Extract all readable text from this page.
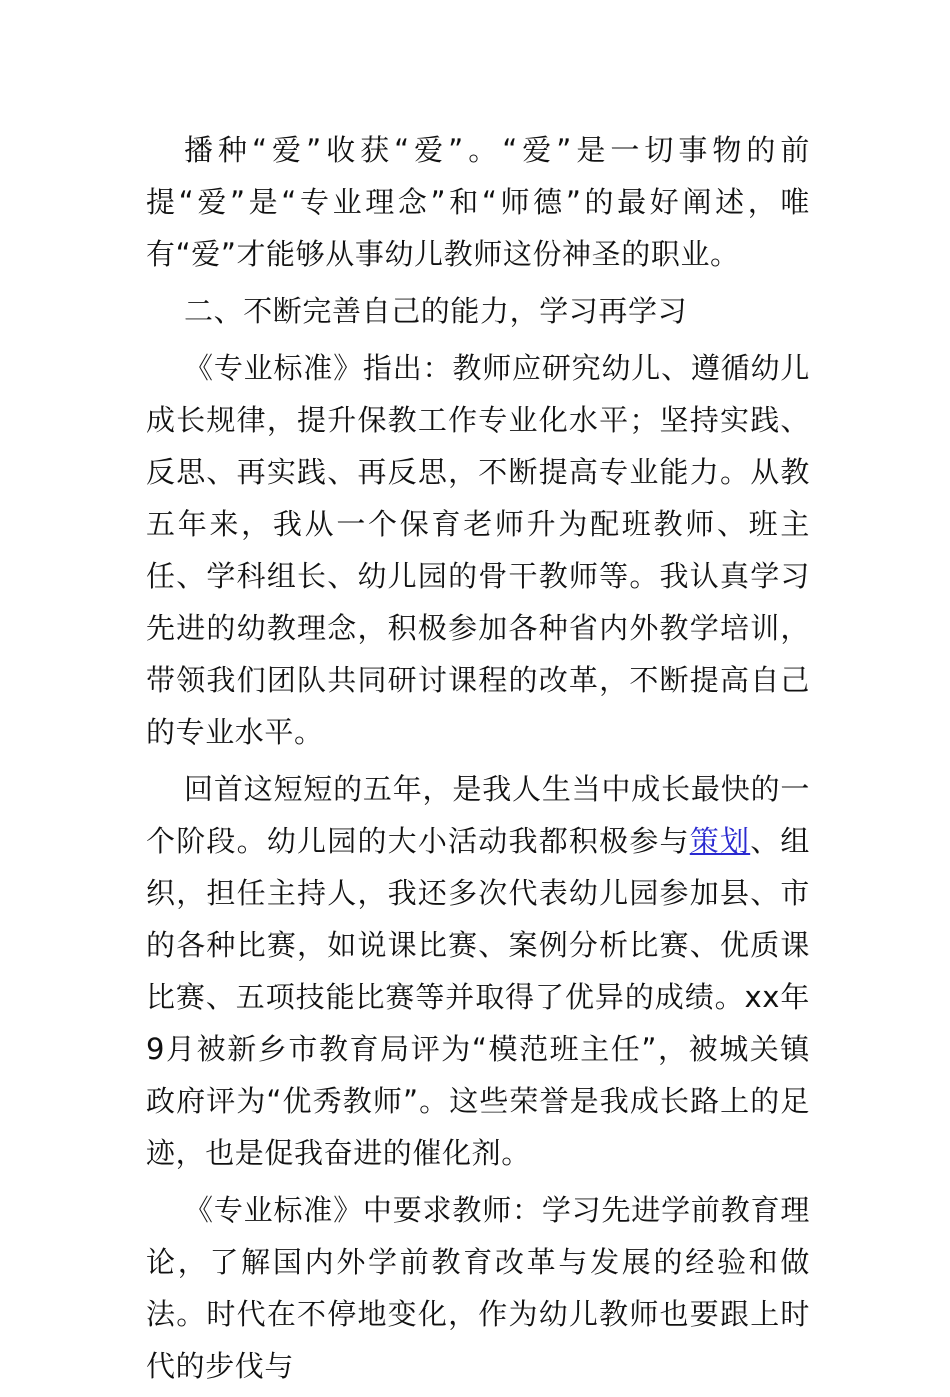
播种“爱”收获“爱”。“爱”是一切事物的前提“爱”是“专业理念”和“师德”的最好阐述，唯有“爱”才能够从事幼儿教师这份神圣的职业。

二、不断完善自己的能力，学习再学习

《专业标准》指出：教师应研究幼儿、遵循幼儿成长规律，提升保教工作专业化水平；坚持实践、反思、再实践、再反思，不断提高专业能力。从教五年来，我从一个保育老师升为配班教师、班主任、学科组长、幼儿园的骨干教师等。我认真学习先进的幼教理念，积极参加各种省内外教学培训，带领我们团队共同研讨课程的改革，不断提高自己的专业水平。

回首这短短的五年，是我人生当中成长最快的一个阶段。幼儿园的大小活动我都积极参与策划、组织，担任主持人，我还多次代表幼儿园参加县、市的各种比赛，如说课比赛、案例分析比赛、优质课比赛、五项技能比赛等并取得了优异的成绩。xx年9月被新乡市教育局评为“模范班主任”，被城关镇政府评为“优秀教师”。这些荣誉是我成长路上的足迹，也是促我奋进的催化剂。

《专业标准》中要求教师：学习先进学前教育理论，了解国内外学前教育改革与发展的经验和做法。时代在不停地变化，作为幼儿教师也要跟上时代的步伐与
